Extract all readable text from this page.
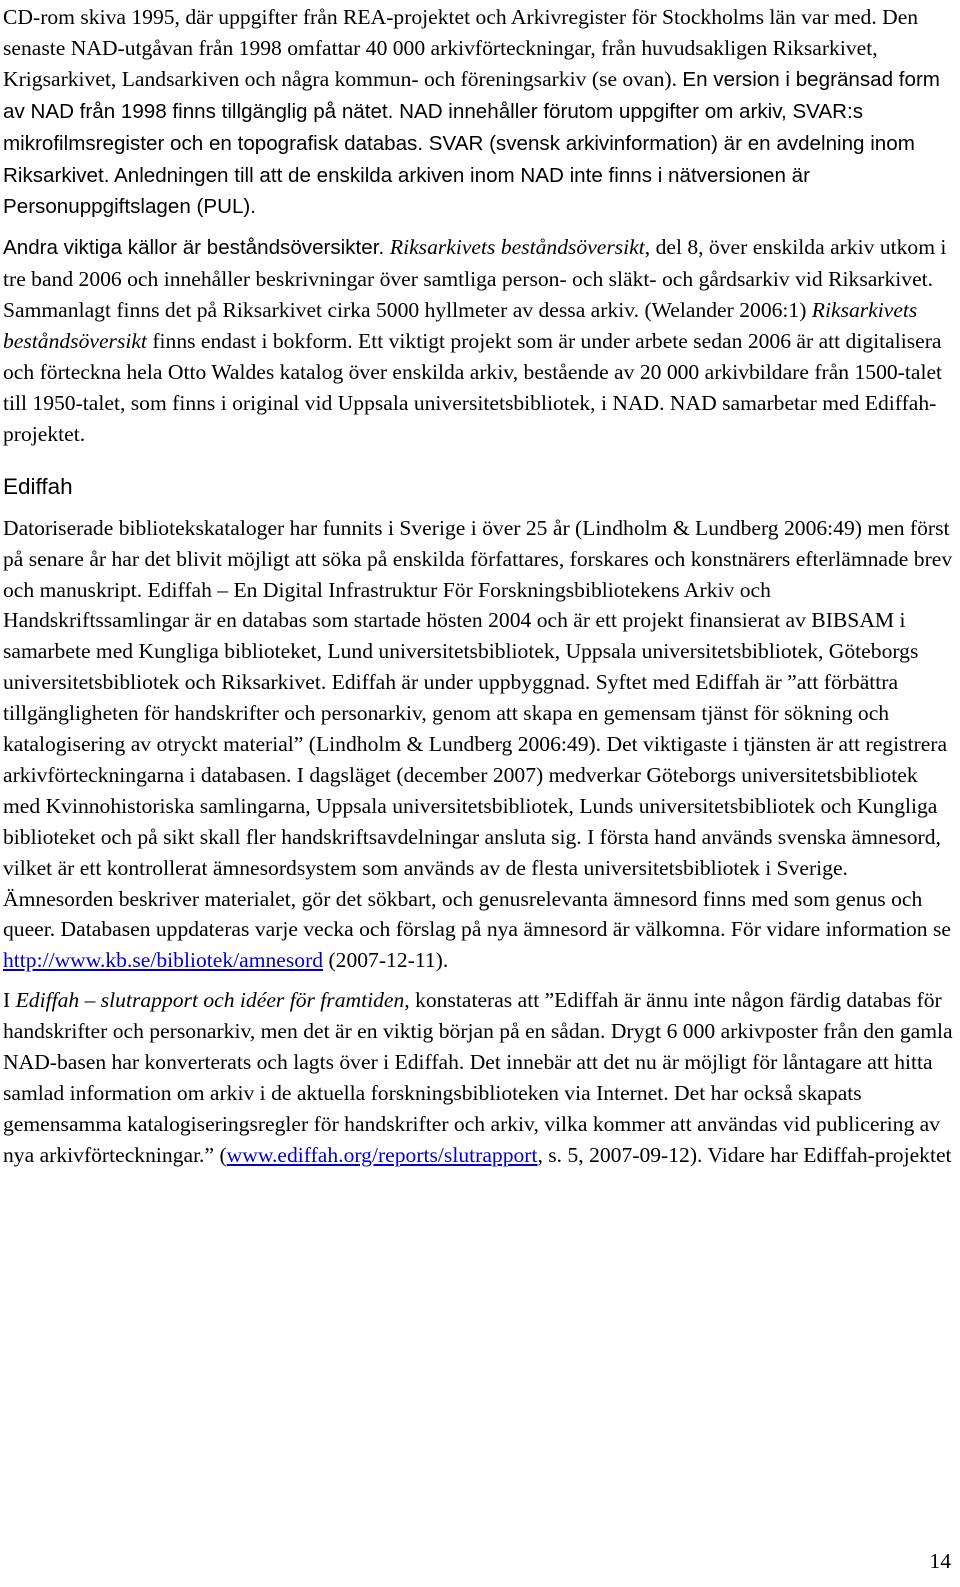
CD-rom skiva 1995, där uppgifter från REA-projektet och Arkivregister för Stockholms län var med. Den senaste NAD-utgåvan från 1998 omfattar 40 000 arkivförteckningar, från huvudsakligen Riksarkivet, Krigsarkivet, Landsarkiven och några kommun- och föreningsarkiv (se ovan). En version i begränsad form av NAD från 1998 finns tillgänglig på nätet. NAD innehåller förutom uppgifter om arkiv, SVAR:s mikrofilmsregister och en topografisk databas. SVAR (svensk arkivinformation) är en avdelning inom Riksarkivet. Anledningen till att de enskilda arkiven inom NAD inte finns i nätversionen är Personuppgiftslagen (PUL).

Andra viktiga källor är beståndsöversikter. Riksarkivets beståndsöversikt, del 8, över enskilda arkiv utkom i tre band 2006 och innehåller beskrivningar över samtliga person- och släkt- och gårdsarkiv vid Riksarkivet. Sammanlagt finns det på Riksarkivet cirka 5000 hyllmeter av dessa arkiv. (Welander 2006:1) Riksarkivets beståndsöversikt finns endast i bokform. Ett viktigt projekt som är under arbete sedan 2006 är att digitalisera och förteckna hela Otto Waldes katalog över enskilda arkiv, bestående av 20 000 arkivbildare från 1500-talet till 1950-talet, som finns i original vid Uppsala universitetsbibliotek, i NAD. NAD samarbetar med Ediffah-projektet.

Ediffah

Datoriserade bibliotekskataloger har funnits i Sverige i över 25 år (Lindholm & Lundberg 2006:49) men först på senare år har det blivit möjligt att söka på enskilda författares, forskares och konstnärers efterlämnade brev och manuskript. Ediffah – En Digital Infrastruktur För Forskningsbibliotekens Arkiv och Handskriftssamlingar är en databas som startade hösten 2004 och är ett projekt finansierat av BIBSAM i samarbete med Kungliga biblioteket, Lund universitetsbibliotek, Uppsala universitetsbibliotek, Göteborgs universitetsbibliotek och Riksarkivet. Ediffah är under uppbyggnad. Syftet med Ediffah är ”att förbättra tillgängligheten för handskrifter och personarkiv, genom att skapa en gemensam tjänst för sökning och katalogisering av otryckt material” (Lindholm & Lundberg 2006:49). Det viktigaste i tjänsten är att registrera arkivförteckningarna i databasen. I dagsläget (december 2007) medverkar Göteborgs universitetsbibliotek med Kvinnohistoriska samlingarna, Uppsala universitetsbibliotek, Lunds universitetsbibliotek och Kungliga biblioteket och på sikt skall fler handskriftsavdelningar ansluta sig. I första hand används svenska ämnesord, vilket är ett kontrollerat ämnesordsystem som används av de flesta universitetsbibliotek i Sverige. Ämnesorden beskriver materialet, gör det sökbart, och genusrelevanta ämnesord finns med som genus och queer. Databasen uppdateras varje vecka och förslag på nya ämnesord är välkomna. För vidare information se http://www.kb.se/bibliotek/amnesord (2007-12-11).

I Ediffah – slutrapport och idéer för framtiden, konstateras att ”Ediffah är ännu inte någon färdig databas för handskrifter och personarkiv, men det är en viktig början på en sådan. Drygt 6 000 arkivposter från den gamla NAD-basen har konverterats och lagts över i Ediffah. Det innebär att det nu är möjligt för låntagare att hitta samlad information om arkiv i de aktuella forskningsbiblioteken via Internet. Det har också skapats gemensamma katalogiseringsregler för handskrifter och arkiv, vilka kommer att användas vid publicering av nya arkivförteckningar.” (www.ediffah.org/reports/slutrapport, s. 5, 2007-09-12). Vidare har Ediffah-projektet

14
